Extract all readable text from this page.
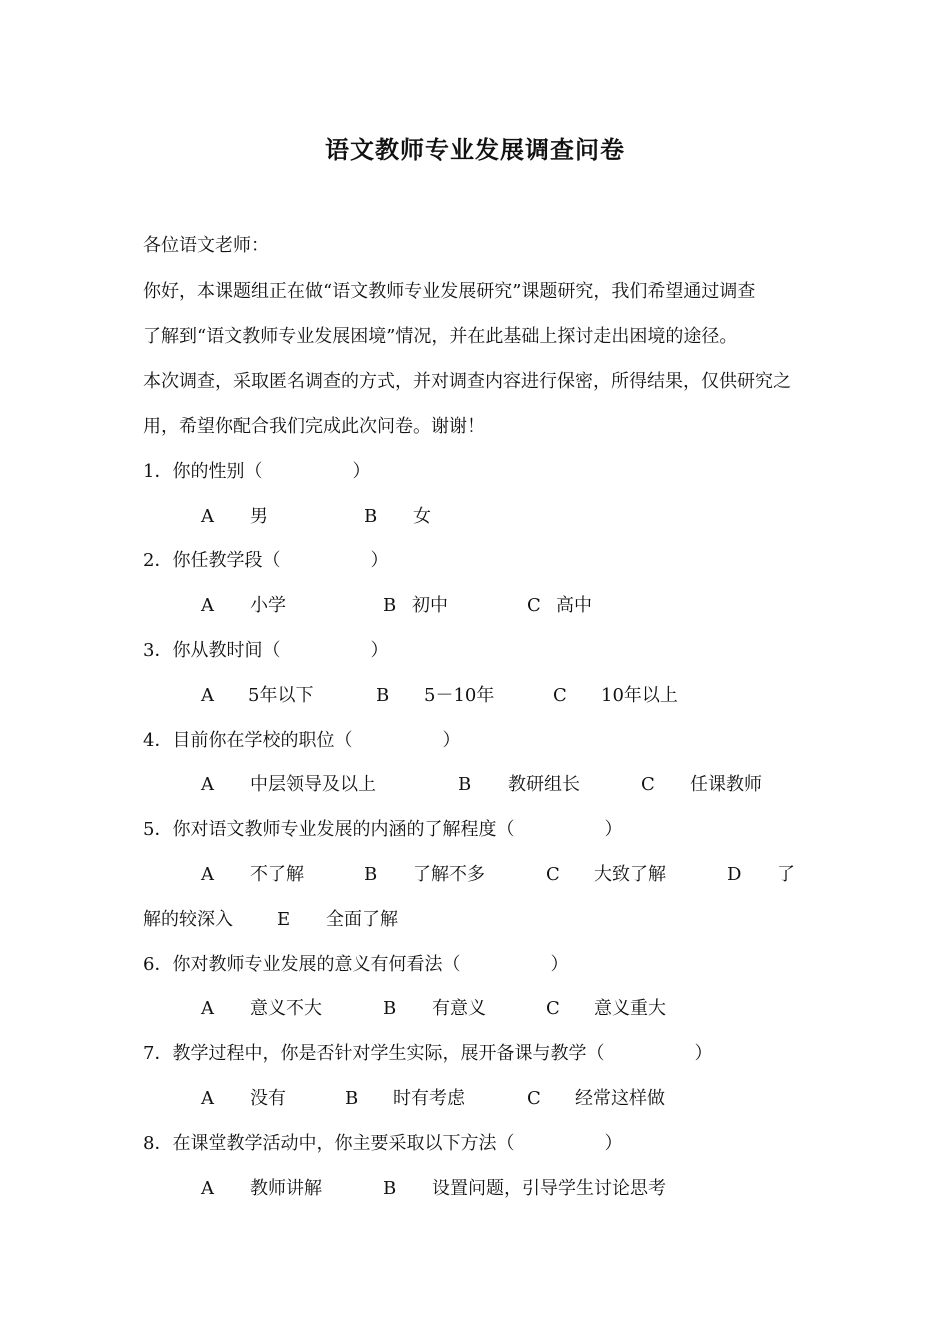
语文教师专业发展调查问卷
各位语文老师：
你好，本课题组正在做“语文教师专业发展研究”课题研究，我们希望通过调查
了解到“语文教师专业发展困境”情况，并在此基础上探讨走出困境的途径。
本次调查，采取匿名调查的方式，并对调查内容进行保密，所得结果，仅供研究之
用，希望你配合我们完成此次问卷。谢谢！
1．你的性别（　　　　　）
A 男	B 女
2．你任教学段（　　　　　）
A 小学	B 初中	C 高中
3．你从教时间（　　　　　）
A 5年以下	B 5－10年	C 10年以上
4．目前你在学校的职位（　　　　　）
A 中层领导及以上	B 教研组长	C 任课教师
5．你对语文教师专业发展的内涵的了解程度（　　　　　）
A 不了解	B 了解不多	C 大致了解	D 了
解的较深入 E 全面了解
6．你对教师专业发展的意义有何看法（　　　　　）
A 意义不大	B 有意义	C 意义重大
7．教学过程中，你是否针对学生实际，展开备课与教学（　　　　　）
A 没有	B 时有考虑	C 经常这样做
8．在课堂教学活动中，你主要采取以下方法（　　　　　）
A 教师讲解	B 设置问题，引导学生讨论思考
